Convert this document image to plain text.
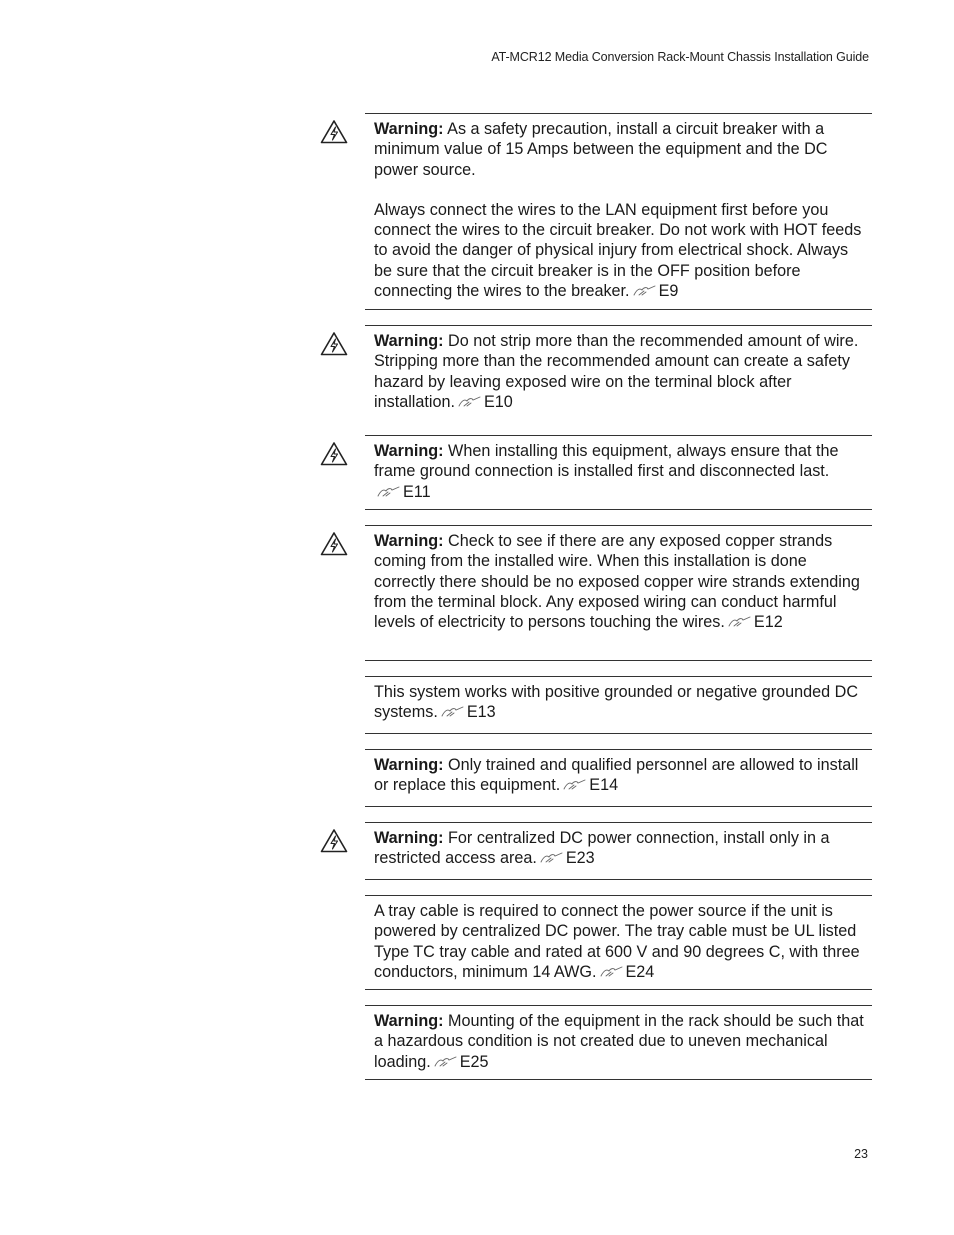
AT-MCR12 Media Conversion Rack-Mount Chassis Installation Guide

Warning: As a safety precaution, install a circuit breaker with a minimum value of 15 Amps between the equipment and the DC power source.

Always connect the wires to the LAN equipment first before you connect the wires to the circuit breaker. Do not work with HOT feeds to avoid the danger of physical injury from electrical shock. Always be sure that the circuit breaker is in the OFF position before connecting the wires to the breaker. E9

Warning: Do not strip more than the recommended amount of wire. Stripping more than the recommended amount can create a safety hazard by leaving exposed wire on the terminal block after installation. E10

Warning: When installing this equipment, always ensure that the frame ground connection is installed first and disconnected last. E11

Warning: Check to see if there are any exposed copper strands coming from the installed wire. When this installation is done correctly there should be no exposed copper wire strands extending from the terminal block. Any exposed wiring can conduct harmful levels of electricity to persons touching the wires. E12

This system works with positive grounded or negative grounded DC systems. E13

Warning: Only trained and qualified personnel are allowed to install or replace this equipment. E14

Warning: For centralized DC power connection, install only in a restricted access area. E23

A tray cable is required to connect the power source if the unit is powered by centralized DC power. The tray cable must be UL listed Type TC tray cable and rated at 600 V and 90 degrees C, with three conductors, minimum 14 AWG. E24

Warning: Mounting of the equipment in the rack should be such that a hazardous condition is not created due to uneven mechanical loading. E25

23
